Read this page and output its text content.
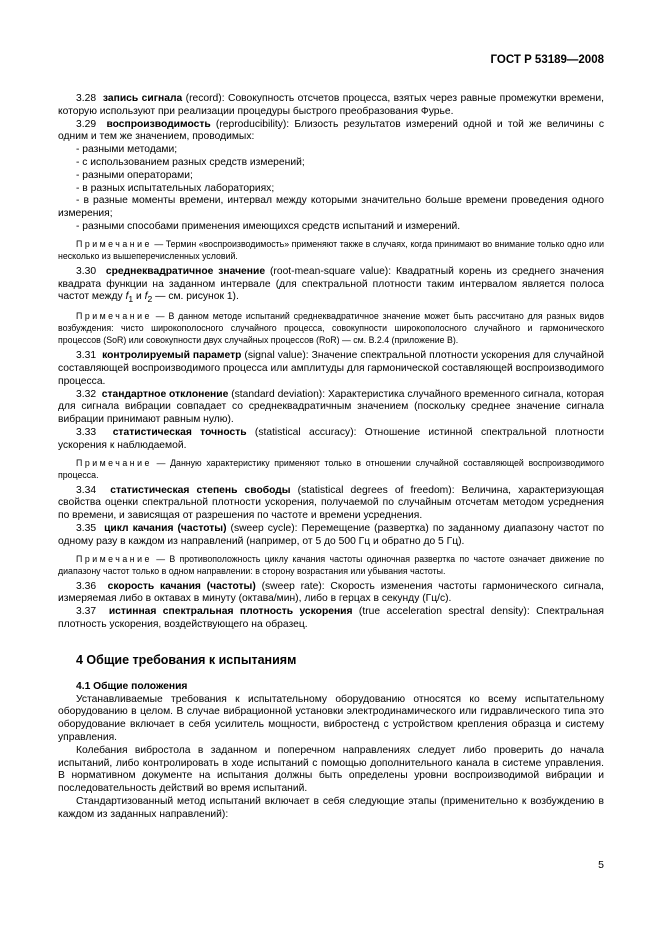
ГОСТ Р 53189—2008

3.28 запись сигнала (record): Совокупность отсчетов процесса, взятых через равные промежутки времени, которую используют при реализации процедуры быстрого преобразования Фурье.

3.29 воспроизводимость (reproducibility): Близость результатов измерений одной и той же величины с одним и тем же значением, проводимых:

- разными методами;

- с использованием разных средств измерений;

- разными операторами;

- в разных испытательных лабораториях;

- в разные моменты времени, интервал между которыми значительно больше времени проведения одного измерения;

- разными способами применения имеющихся средств испытаний и измерений.

Примечание — Термин «воспроизводимость» применяют также в случаях, когда принимают во внимание только одно или несколько из вышеперечисленных условий.

3.30 среднеквадратичное значение (root-mean-square value): Квадратный корень из среднего значения квадрата функции на заданном интервале (для спектральной плотности таким интервалом является полоса частот между $f_1$ и $f_2$ — см. рисунок 1).

Примечание — В данном методе испытаний среднеквадратичное значение может быть рассчитано для разных видов возбуждения: чисто широкополосного случайного процесса, совокупности широкополосного случайного и гармонического процессов (SoR) или совокупности двух случайных процессов (RoR) — см. В.2.4 (приложение В).

3.31 контролируемый параметр (signal value): Значение спектральной плотности ускорения для случайной составляющей воспроизводимого процесса или амплитуды для гармонической составляющей воспроизводимого процесса.

3.32 стандартное отклонение (standard deviation): Характеристика случайного временного сигнала, которая для сигнала вибрации совпадает со среднеквадратичным значением (поскольку среднее значение сигнала вибрации принимают равным нулю).

3.33 статистическая точность (statistical accuracy): Отношение истинной спектральной плотности ускорения к наблюдаемой.

Примечание — Данную характеристику применяют только в отношении случайной составляющей воспроизводимого процесса.

3.34 статистическая степень свободы (statistical degrees of freedom): Величина, характеризующая свойства оценки спектральной плотности ускорения, получаемой по случайным отсчетам методом усреднения по времени, и зависящая от разрешения по частоте и времени усреднения.

3.35 цикл качания (частоты) (sweep cycle): Перемещение (развертка) по заданному диапазону частот по одному разу в каждом из направлений (например, от 5 до 500 Гц и обратно до 5 Гц).

Примечание — В противоположность циклу качания частоты одиночная развертка по частоте означает движение по диапазону частот только в одном направлении: в сторону возрастания или убывания частоты.

3.36 скорость качания (частоты) (sweep rate): Скорость изменения частоты гармонического сигнала, измеряемая либо в октавах в минуту (октава/мин), либо в герцах в секунду (Гц/с).

3.37 истинная спектральная плотность ускорения (true acceleration spectral density): Спектральная плотность ускорения, воздействующего на образец.

4 Общие требования к испытаниям

4.1 Общие положения

Устанавливаемые требования к испытательному оборудованию относятся ко всему испытательному оборудованию в целом. В случае вибрационной установки электродинамического или гидравлического типа это оборудование включает в себя усилитель мощности, вибростенд с устройством крепления образца и систему управления.

Колебания вибростола в заданном и поперечном направлениях следует либо проверить до начала испытаний, либо контролировать в ходе испытаний с помощью дополнительного канала в системе управления. В нормативном документе на испытания должны быть определены уровни воспроизводимой вибрации и последовательность действий во время испытаний.

Стандартизованный метод испытаний включает в себя следующие этапы (применительно к возбуждению в каждом из заданных направлений):

5
